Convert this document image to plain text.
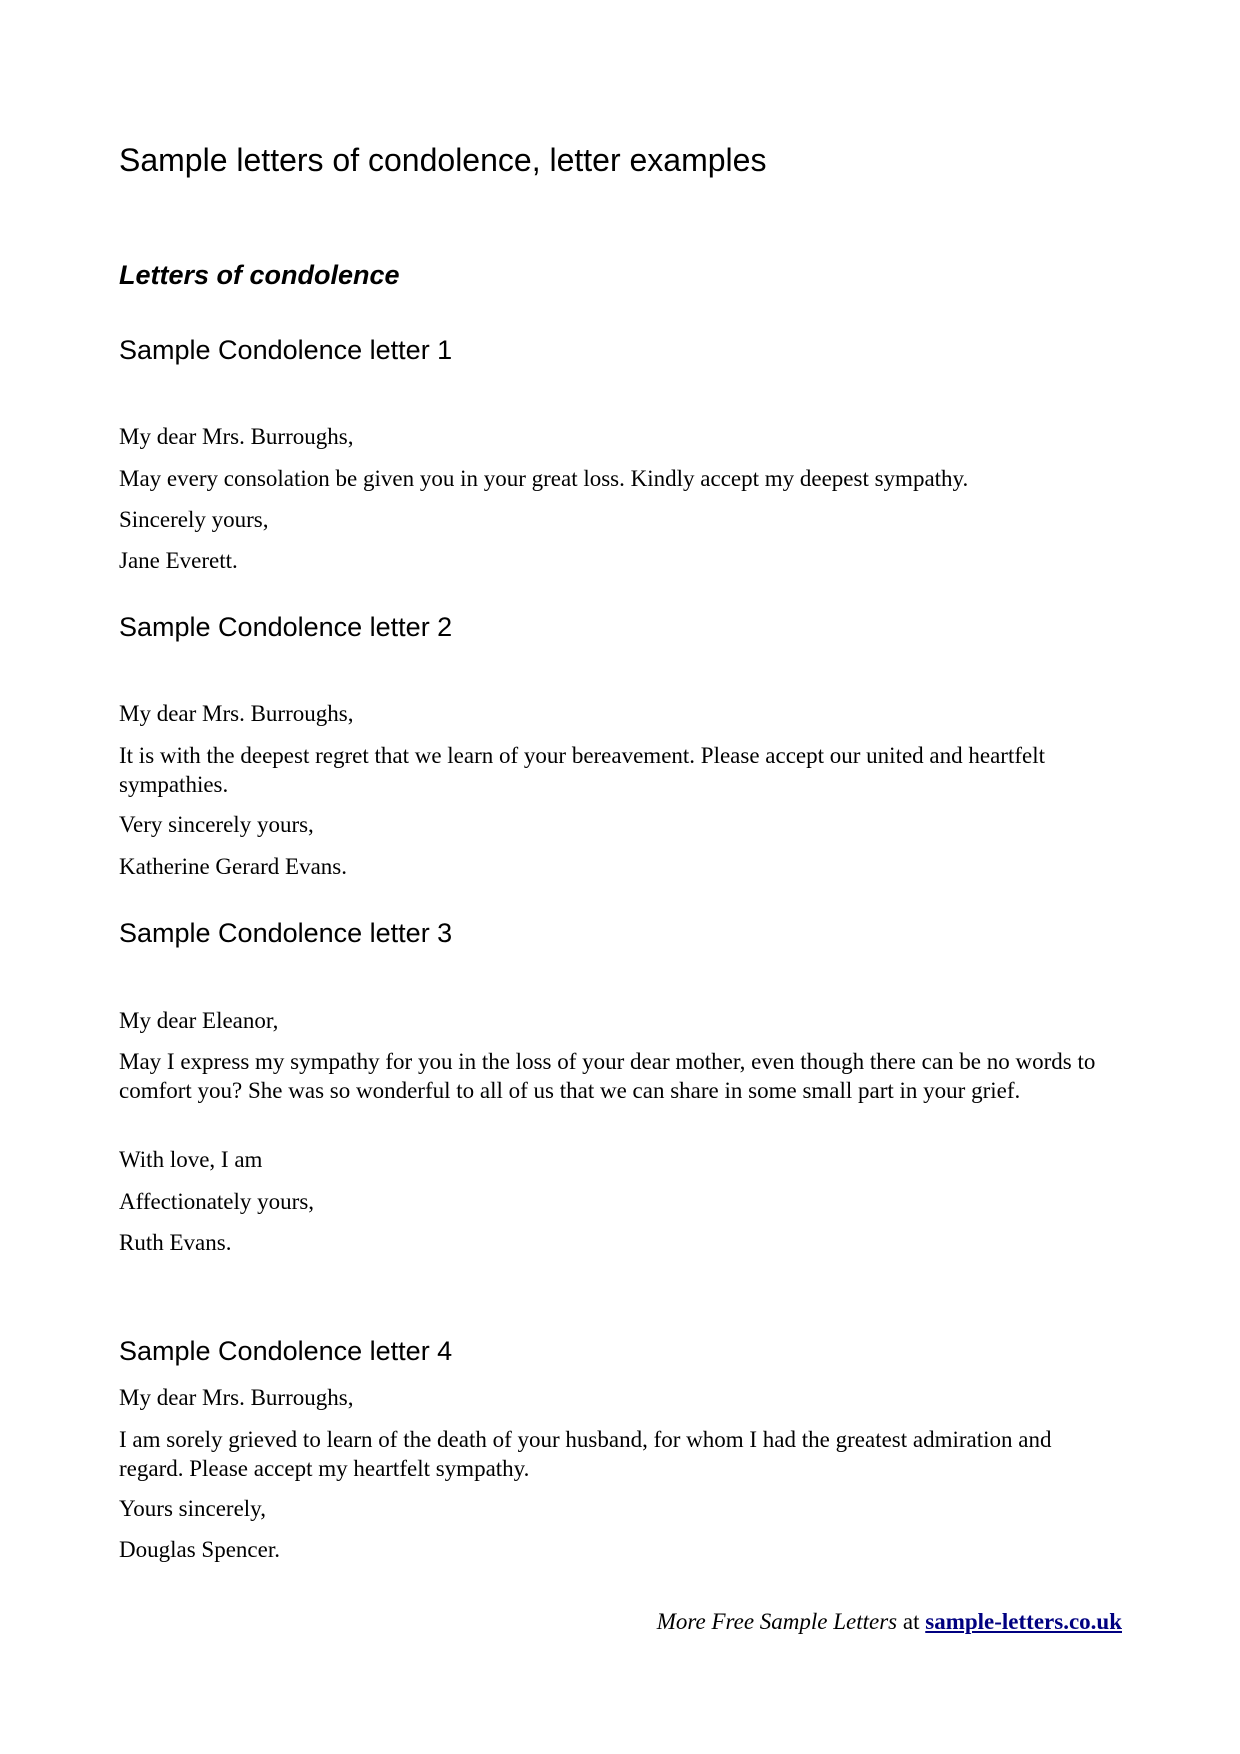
Sample letters of condolence, letter examples
Letters of condolence
Sample Condolence letter 1
My dear Mrs. Burroughs,
May every consolation be given you in your great loss. Kindly accept my deepest sympathy.
Sincerely yours,
Jane Everett.
Sample Condolence letter 2
My dear Mrs. Burroughs,
It is with the deepest regret that we learn of your bereavement. Please accept our united and heartfelt sympathies.
Very sincerely yours,
Katherine Gerard Evans.
Sample Condolence letter 3
My dear Eleanor,
May I express my sympathy for you in the loss of your dear mother, even though there can be no words to comfort you? She was so wonderful to all of us that we can share in some small part in your grief.
With love, I am
Affectionately yours,
Ruth Evans.
Sample Condolence letter 4
My dear Mrs. Burroughs,
I am sorely grieved to learn of the death of your husband, for whom I had the greatest admiration and regard. Please accept my heartfelt sympathy.
Yours sincerely,
Douglas Spencer.
More Free Sample Letters at sample-letters.co.uk
